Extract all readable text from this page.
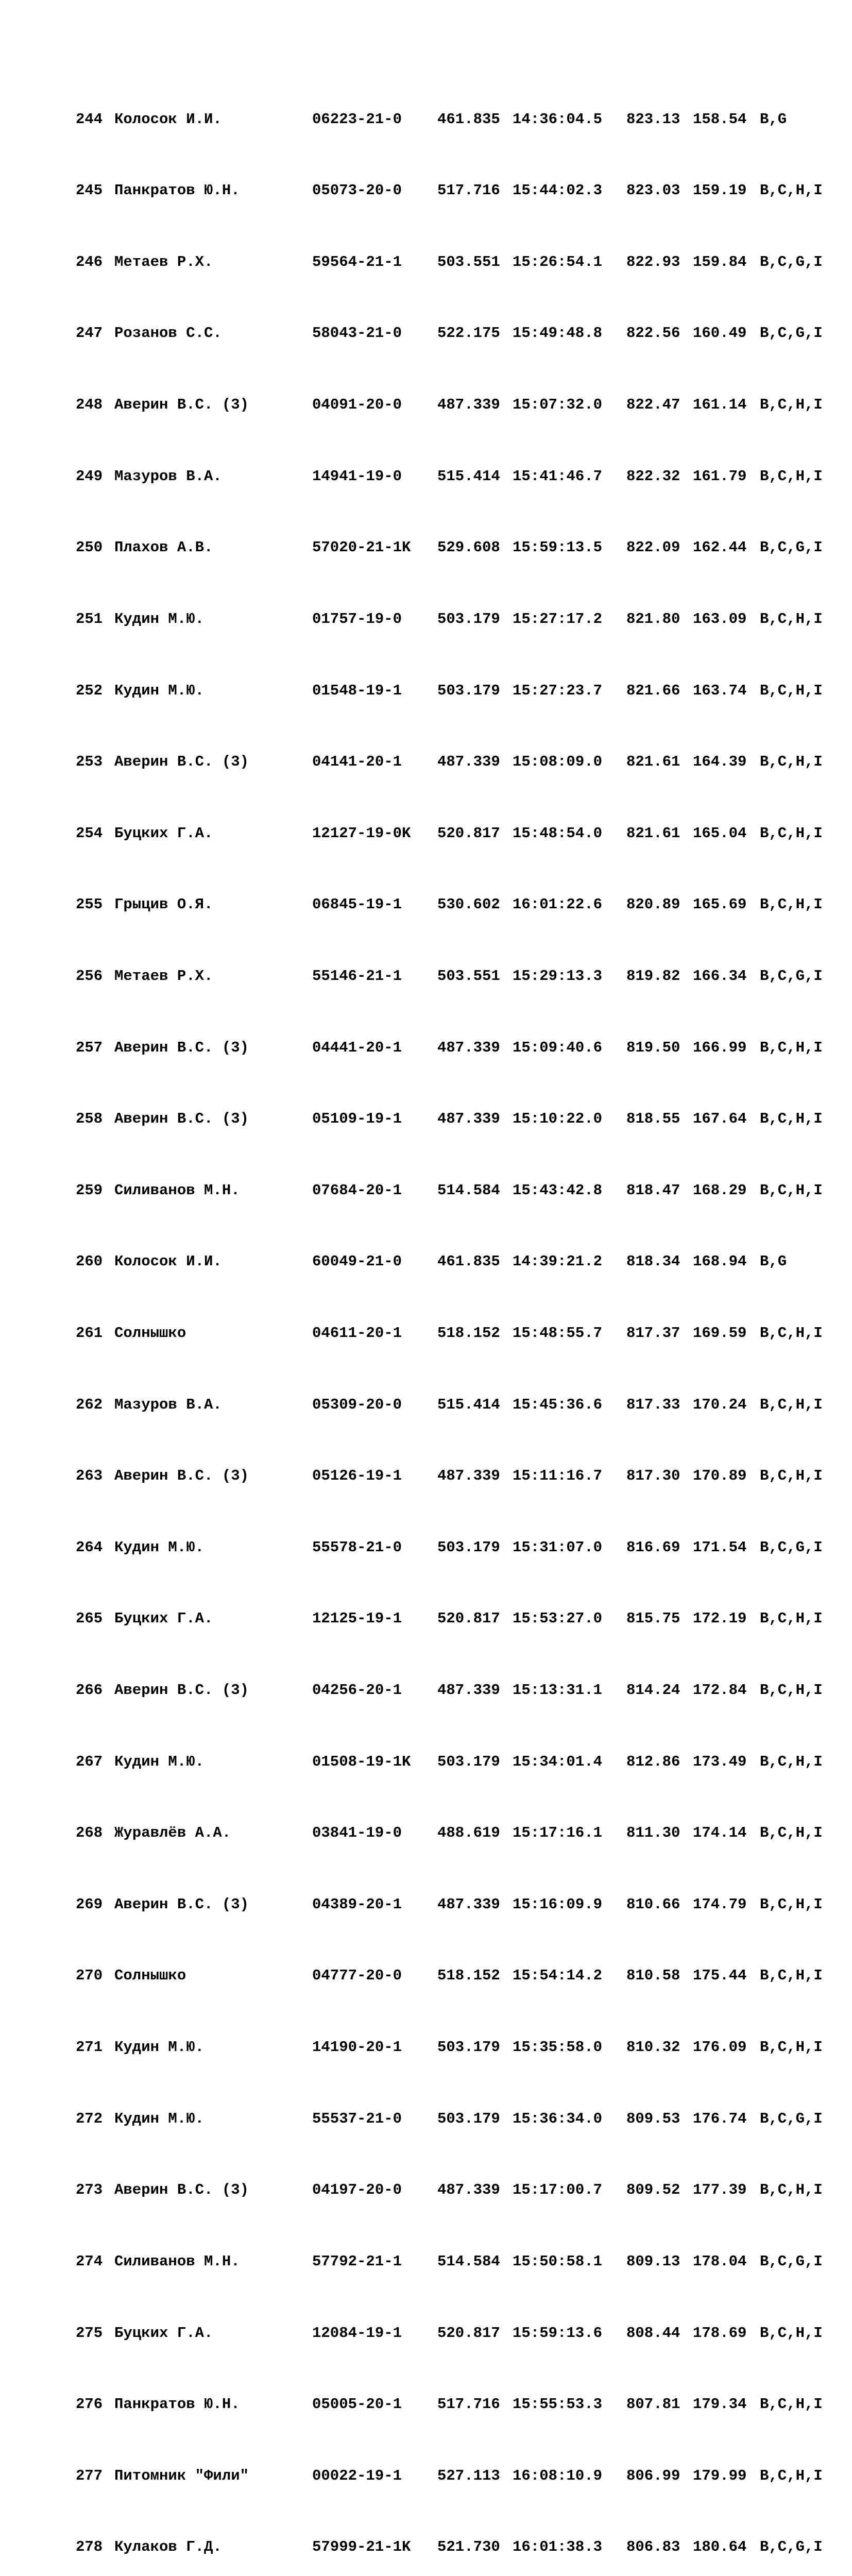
244 Колосок И.И.	06223-21-0 461.835 14:36:04.5 823.13 158.54 B,G

245 Панкратов Ю.Н.	05073-20-0 517.716 15:44:02.3 823.03 159.19 B,C,H,I

246 Метаев Р.Х.	59564-21-1 503.551 15:26:54.1 822.93 159.84 B,C,G,I

247 Розанов С.С.	58043-21-0 522.175 15:49:48.8 822.56 160.49 B,C,G,I

248 Аверин В.С. (3)	04091-20-0 487.339 15:07:32.0 822.47 161.14 B,C,H,I

249 Мазуров В.А.	14941-19-0 515.414 15:41:46.7 822.32 161.79 B,C,H,I

250 Плахов А.В.	57020-21-1K 529.608 15:59:13.5 822.09 162.44 B,C,G,I

251 Кудин М.Ю.	01757-19-0 503.179 15:27:17.2 821.80 163.09 B,C,H,I

252 Кудин М.Ю.	01548-19-1 503.179 15:27:23.7 821.66 163.74 B,C,H,I

253 Аверин В.С. (3)	04141-20-1 487.339 15:08:09.0 821.61 164.39 B,C,H,I

254 Буцких Г.А.	12127-19-0K 520.817 15:48:54.0 821.61 165.04 B,C,H,I

255 Грыцив О.Я.	06845-19-1 530.602 16:01:22.6 820.89 165.69 B,C,H,I

256 Метаев Р.Х.	55146-21-1 503.551 15:29:13.3 819.82 166.34 B,C,G,I

257 Аверин В.С. (3)	04441-20-1 487.339 15:09:40.6 819.50 166.99 B,C,H,I

258 Аверин В.С. (3)	05109-19-1 487.339 15:10:22.0 818.55 167.64 B,C,H,I

259 Силиванов М.Н.	07684-20-1 514.584 15:43:42.8 818.47 168.29 B,C,H,I

260 Колосок И.И.	60049-21-0 461.835 14:39:21.2 818.34 168.94 B,G

261 Солнышко	04611-20-1 518.152 15:48:55.7 817.37 169.59 B,C,H,I

262 Мазуров В.А.	05309-20-0 515.414 15:45:36.6 817.33 170.24 B,C,H,I

263 Аверин В.С. (3)	05126-19-1 487.339 15:11:16.7 817.30 170.89 B,C,H,I

264 Кудин М.Ю.	55578-21-0 503.179 15:31:07.0 816.69 171.54 B,C,G,I

265 Буцких Г.А.	12125-19-1 520.817 15:53:27.0 815.75 172.19 B,C,H,I

266 Аверин В.С. (3)	04256-20-1 487.339 15:13:31.1 814.24 172.84 B,C,H,I

267 Кудин М.Ю.	01508-19-1K 503.179 15:34:01.4 812.86 173.49 B,C,H,I

268 Журавлёв А.А.	03841-19-0 488.619 15:17:16.1 811.30 174.14 B,C,H,I

269 Аверин В.С. (3)	04389-20-1 487.339 15:16:09.9 810.66 174.79 B,C,H,I

270 Солнышко	04777-20-0 518.152 15:54:14.2 810.58 175.44 B,C,H,I

271 Кудин М.Ю.	14190-20-1 503.179 15:35:58.0 810.32 176.09 B,C,H,I

272 Кудин М.Ю.	55537-21-0 503.179 15:36:34.0 809.53 176.74 B,C,G,I

273 Аверин В.С. (3)	04197-20-0 487.339 15:17:00.7 809.52 177.39 B,C,H,I

274 Силиванов М.Н.	57792-21-1 514.584 15:50:58.1 809.13 178.04 B,C,G,I

275 Буцких Г.А.	12084-19-1 520.817 15:59:13.6 808.44 178.69 B,C,H,I

276 Панкратов Ю.Н.	05005-20-1 517.716 15:55:53.3 807.81 179.34 B,C,H,I

277 Питомник "Фили"	00022-19-1 527.113 16:08:10.9 806.99 179.99 B,C,H,I

278 Кулаков Г.Д.	57999-21-1K 521.730 16:01:38.3 806.83 180.64 B,C,G,I
